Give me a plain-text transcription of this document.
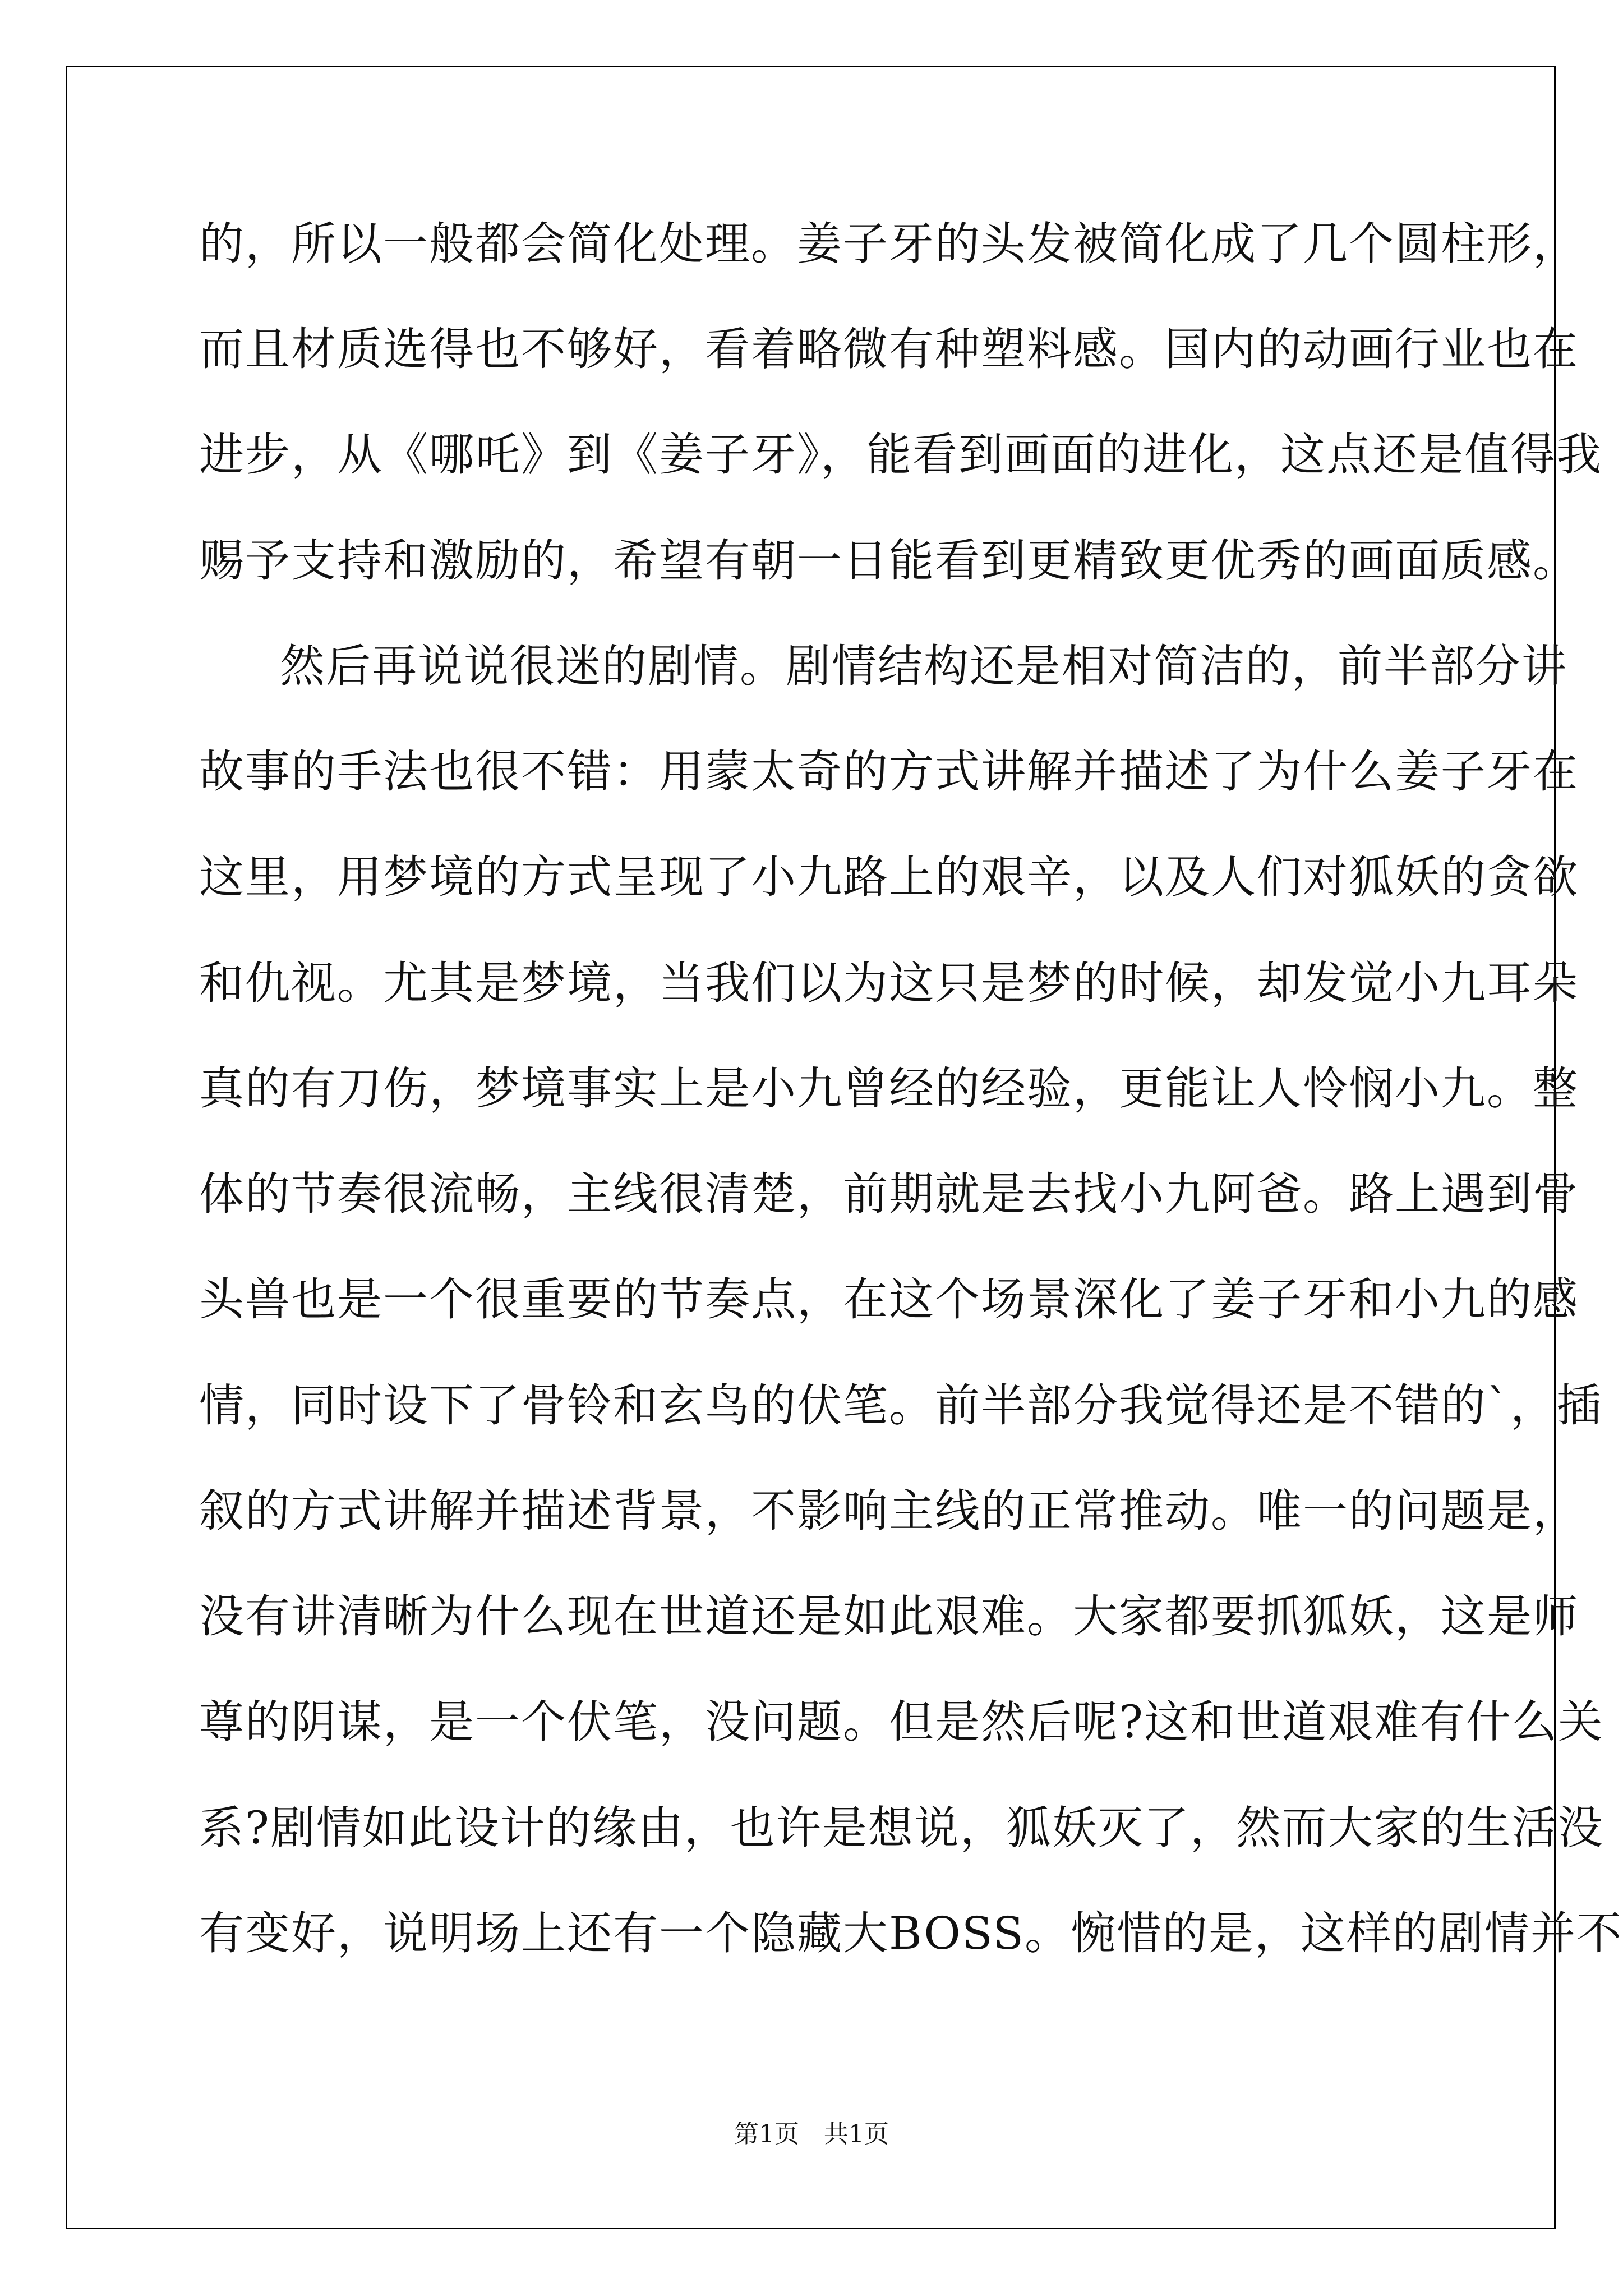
的，所以一般都会简化处理。姜子牙的头发被简化成了几个圆柱形，
而且材质选得也不够好，看着略微有种塑料感。国内的动画行业也在
进步，从《哪吒》到《姜子牙》，能看到画面的进化，这点还是值得我
赐予支持和激励的，希望有朝一日能看到更精致更优秀的画面质感。
　　然后再说说很迷的剧情。剧情结构还是相对简洁的，前半部分讲
故事的手法也很不错：用蒙太奇的方式讲解并描述了为什么姜子牙在
这里，用梦境的方式呈现了小九路上的艰辛，以及人们对狐妖的贪欲
和仇视。尤其是梦境，当我们以为这只是梦的时候，却发觉小九耳朵
真的有刀伤，梦境事实上是小九曾经的经验，更能让人怜悯小九。整
体的节奏很流畅，主线很清楚，前期就是去找小九阿爸。路上遇到骨
头兽也是一个很重要的节奏点，在这个场景深化了姜子牙和小九的感
情，同时设下了骨铃和玄鸟的伏笔。前半部分我觉得还是不错的`，插
叙的方式讲解并描述背景，不影响主线的正常推动。唯一的问题是，
没有讲清晰为什么现在世道还是如此艰难。大家都要抓狐妖，这是师
尊的阴谋，是一个伏笔，没问题。但是然后呢?这和世道艰难有什么关
系?剧情如此设计的缘由，也许是想说，狐妖灭了，然而大家的生活没
有变好，说明场上还有一个隐藏大BOSS。惋惜的是，这样的剧情并不
第1页　共1页
